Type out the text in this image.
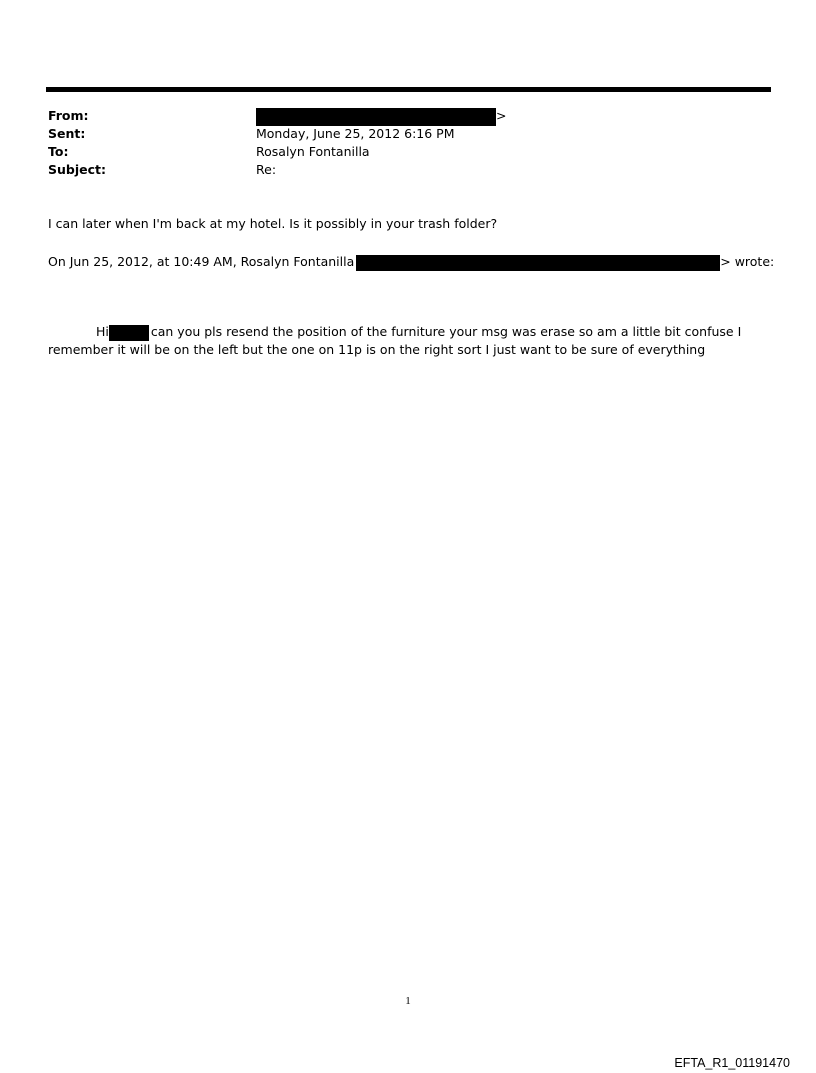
From:	>
Sent:	Monday, June 25, 2012 6:16 PM
To:	Rosalyn Fontanilla
Subject:	Re:
I can later when I'm back at my hotel. Is it possibly in your trash folder?
On Jun 25, 2012, at 10:49 AM, Rosalyn Fontanilla	> wrote:
Hi	can you pls resend the position of the furniture your msg was erase so am a little bit confuse I
remember it will be on the left but the one on 11p is on the right sort I just want to be sure of everything
1
EFTA_R1_01191470
